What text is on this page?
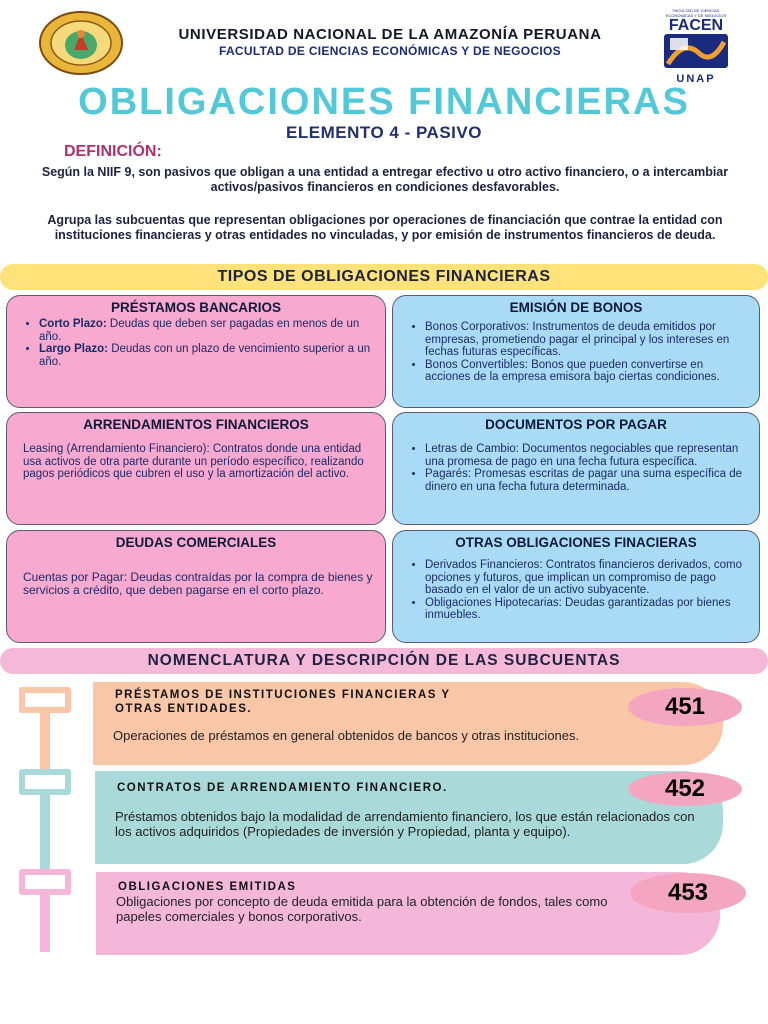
UNIVERSIDAD NACIONAL DE LA AMAZONÍA PERUANA
FACULTAD DE CIENCIAS ECONÓMICAS Y DE NEGOCIOS
FACULTAD DE CIENCIAS ECONÓMICAS Y DE NEGOCIOS
FACEN
UNAP
OBLIGACIONES FINANCIERAS
ELEMENTO 4 - PASIVO
DEFINICIÓN:
Según la NIIF 9, son pasivos que obligan a una entidad a entregar efectivo u otro activo financiero, o a intercambiar activos/pasivos financieros en condiciones desfavorables.
Agrupa las subcuentas que representan obligaciones por operaciones de financiación que contrae la entidad con instituciones financieras y otras entidades no vinculadas, y por emisión de instrumentos financieros de deuda.
TIPOS DE OBLIGACIONES FINANCIERAS
PRÉSTAMOS BANCARIOS
• Corto Plazo: Deudas que deben ser pagadas en menos de un año.
• Largo Plazo: Deudas con un plazo de vencimiento superior a un año.
EMISIÓN DE BONOS
• Bonos Corporativos: Instrumentos de deuda emitidos por empresas, prometiendo pagar el principal y los intereses en fechas futuras específicas.
• Bonos Convertibles: Bonos que pueden convertirse en acciones de la empresa emisora bajo ciertas condiciones.
ARRENDAMIENTOS FINANCIEROS
Leasing (Arrendamiento Financiero): Contratos donde una entidad usa activos de otra parte durante un período específico, realizando pagos periódicos que cubren el uso y la amortización del activo.
DOCUMENTOS POR PAGAR
• Letras de Cambio: Documentos negociables que representan una promesa de pago en una fecha futura específica.
• Pagarés: Promesas escritas de pagar una suma específica de dinero en una fecha futura determinada.
DEUDAS COMERCIALES
Cuentas por Pagar: Deudas contraídas por la compra de bienes y servicios a crédito, que deben pagarse en el corto plazo.
OTRAS OBLIGACIONES FINACIERAS
• Derivados Financieros: Contratos financieros derivados, como opciones y futuros, que implican un compromiso de pago basado en el valor de un activo subyacente.
• Obligaciones Hipotecarias: Deudas garantizadas por bienes inmuebles.
NOMENCLATURA Y DESCRIPCIÓN DE LAS SUBCUENTAS
PRÉSTAMOS DE INSTITUCIONES FINANCIERAS Y OTRAS ENTIDADES.
Operaciones de préstamos en general obtenidos de bancos y otras instituciones.
451
CONTRATOS DE ARRENDAMIENTO FINANCIERO.
Préstamos obtenidos bajo la modalidad de arrendamiento financiero, los que están relacionados con los activos adquiridos (Propiedades de inversión y Propiedad, planta y equipo).
452
OBLIGACIONES EMITIDAS
Obligaciones por concepto de deuda emitida para la obtención de fondos, tales como papeles comerciales y bonos corporativos.
453
